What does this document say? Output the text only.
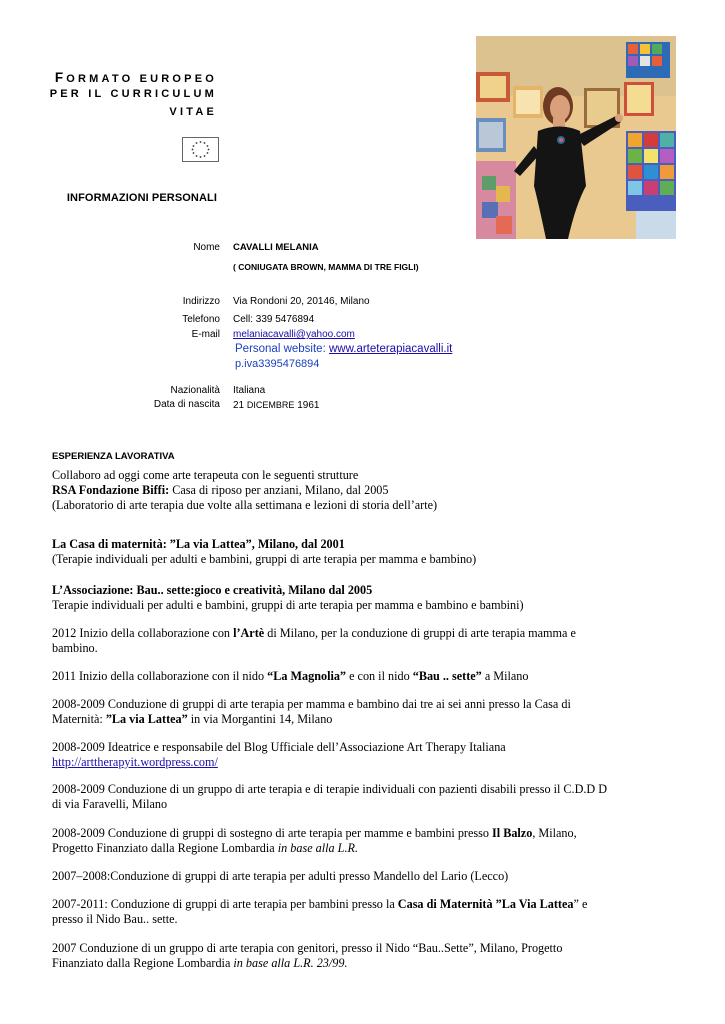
FORMATO EUROPEO
PER IL CURRICULUM
VITAE
INFORMAZIONI PERSONALI
Nome CAVALLI MELANIA
( CONIUGATA BROWN, MAMMA DI TRE FIGLI)
Indirizzo Via Rondoni 20, 20146, Milano
Telefono Cell: 339 5476894
E-mail melaniacavalli@yahoo.com
Personal website: www.arteterapiacavalli.it
p.iva3395476894
Nazionalità Italiana
Data di nascita 21 DICEMBRE 1961
ESPERIENZA LAVORATIVA
Collaboro ad oggi come arte terapeuta con le seguenti strutture
RSA Fondazione Biffi: Casa di riposo per anziani, Milano, dal 2005
(Laboratorio di arte terapia due volte alla settimana e lezioni di storia dell’arte)
La Casa di maternità: ”La via Lattea”, Milano, dal 2001
(Terapie individuali per adulti e bambini, gruppi di arte terapia per mamma e bambino)
L’Associazione: Bau.. sette:gioco e creatività, Milano dal 2005
Terapie individuali per adulti e bambini, gruppi di arte terapia per mamma e bambino e bambini)
2012 Inizio della collaborazione con l’Artè di Milano, per la conduzione di gruppi di arte terapia mamma e
bambino.
2011 Inizio della collaborazione con il nido “La Magnolia” e con il nido “Bau .. sette” a Milano
2008-2009 Conduzione di gruppi di arte terapia per mamma e bambino dai tre ai sei anni presso la Casa di
Maternità: ”La via Lattea” in via Morgantini 14, Milano
2008-2009 Ideatrice e responsabile del Blog Ufficiale dell’Associazione Art Therapy Italiana
http://arttherapyit.wordpress.com/
2008-2009 Conduzione di un gruppo di arte terapia e di terapie individuali con pazienti disabili presso il C.D.D D
di via Faravelli, Milano
2008-2009 Conduzione di gruppi di sostegno di arte terapia per mamme e bambini presso Il Balzo, Milano,
Progetto Finanziato dalla Regione Lombardia in base alla L.R.
2007–2008:Conduzione di gruppi di arte terapia per adulti presso Mandello del Lario (Lecco)
2007-2011: Conduzione di gruppi di arte terapia per bambini presso la Casa di Maternità ”La Via Lattea” e
presso il Nido Bau.. sette.
2007 Conduzione di un gruppo di arte terapia con genitori, presso il Nido “Bau..Sette”, Milano, Progetto
Finanziato dalla Regione Lombardia in base alla L.R. 23/99.
